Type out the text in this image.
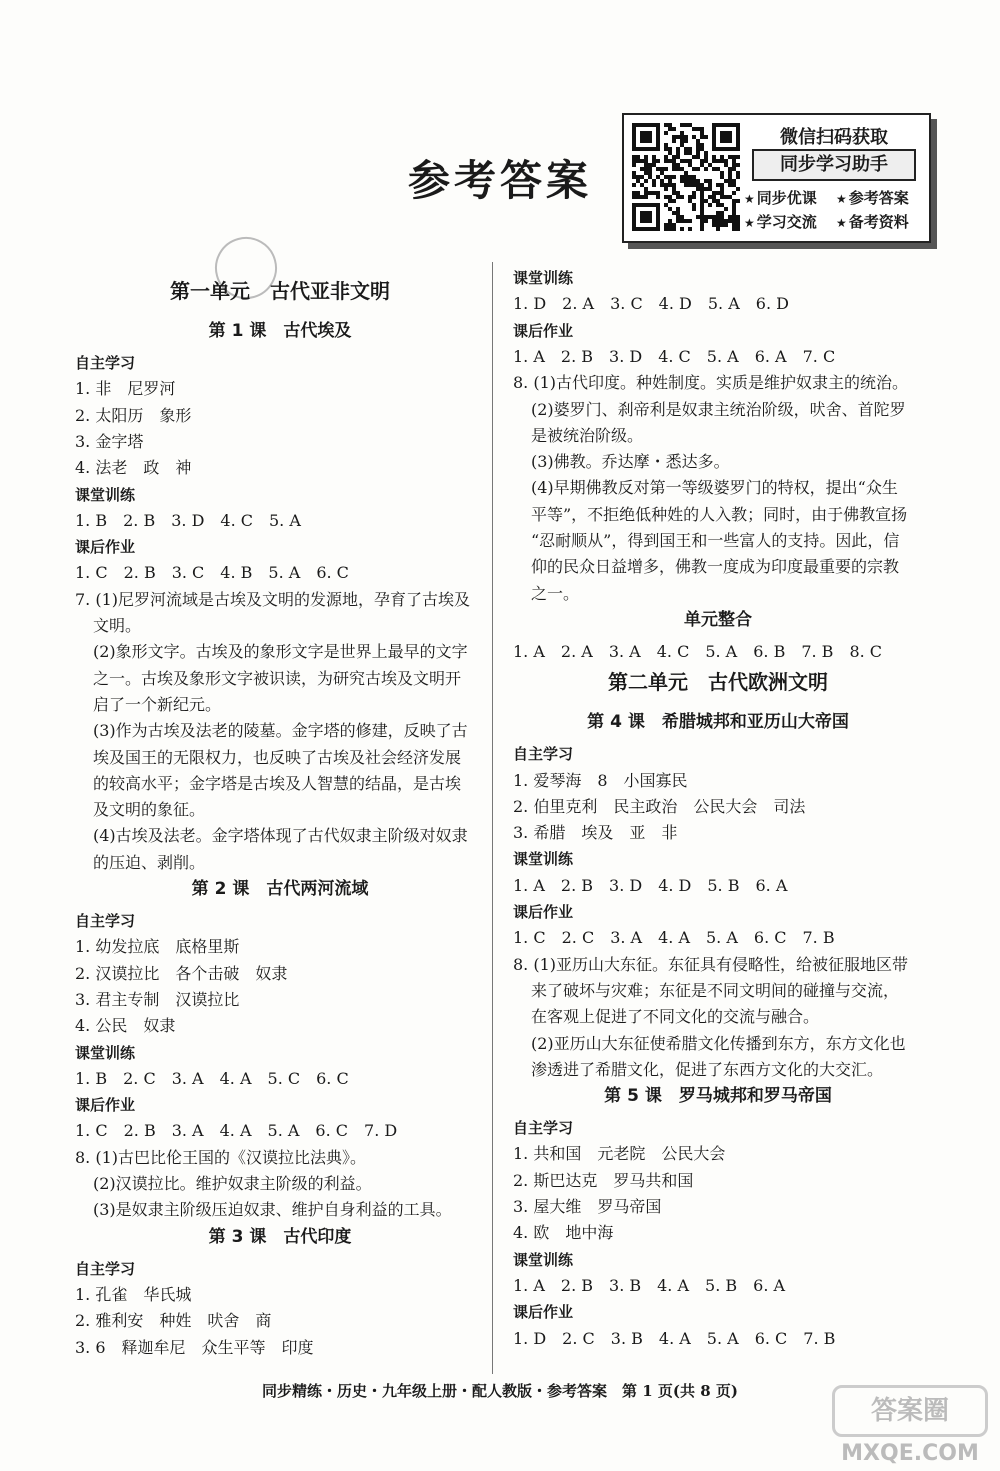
参考答案
微信扫码获取
同步学习助手
★ 同步优课 ★ 参考答案
★ 学习交流 ★ 备考资料
第一单元　古代亚非文明
第 1 课　古代埃及
自主学习
1. 非　尼罗河
2. 太阳历　象形
3. 金字塔
4. 法老　政　神
课堂训练
1. B　2. B　3. D　4. C　5. A
课后作业
1. C　2. B　3. C　4. B　5. A　6. C
7. (1)尼罗河流域是古埃及文明的发源地，孕育了古埃及
文明。
(2)象形文字。古埃及的象形文字是世界上最早的文字
之一。古埃及象形文字被识读，为研究古埃及文明开
启了一个新纪元。
(3)作为古埃及法老的陵墓。金字塔的修建，反映了古
埃及国王的无限权力，也反映了古埃及社会经济发展
的较高水平；金字塔是古埃及人智慧的结晶，是古埃
及文明的象征。
(4)古埃及法老。金字塔体现了古代奴隶主阶级对奴隶
的压迫、剥削。
第 2 课　古代两河流域
自主学习
1. 幼发拉底　底格里斯
2. 汉谟拉比　各个击破　奴隶
3. 君主专制　汉谟拉比
4. 公民　奴隶
课堂训练
1. B　2. C　3. A　4. A　5. C　6. C
课后作业
1. C　2. B　3. A　4. A　5. A　6. C　7. D
8. (1)古巴比伦王国的《汉谟拉比法典》。
(2)汉谟拉比。维护奴隶主阶级的利益。
(3)是奴隶主阶级压迫奴隶、维护自身利益的工具。
第 3 课　古代印度
自主学习
1. 孔雀　华氏城
2. 雅利安　种姓　吠舍　商
3. 6　释迦牟尼　众生平等　印度
课堂训练
1. D　2. A　3. C　4. D　5. A　6. D
课后作业
1. A　2. B　3. D　4. C　5. A　6. A　7. C
8. (1)古代印度。种姓制度。实质是维护奴隶主的统治。
(2)婆罗门、刹帝利是奴隶主统治阶级，吠舍、首陀罗
是被统治阶级。
(3)佛教。乔达摩・悉达多。
(4)早期佛教反对第一等级婆罗门的特权，提出“众生
平等”，不拒绝低种姓的人入教；同时，由于佛教宣扬
“忍耐顺从”，得到国王和一些富人的支持。因此，信
仰的民众日益增多，佛教一度成为印度最重要的宗教
之一。
单元整合
1. A　2. A　3. A　4. C　5. A　6. B　7. B　8. C
第二单元　古代欧洲文明
第 4 课　希腊城邦和亚历山大帝国
自主学习
1. 爱琴海　8　小国寡民
2. 伯里克利　民主政治　公民大会　司法
3. 希腊　埃及　亚　非
课堂训练
1. A　2. B　3. D　4. D　5. B　6. A
课后作业
1. C　2. C　3. A　4. A　5. A　6. C　7. B
8. (1)亚历山大东征。东征具有侵略性，给被征服地区带
来了破坏与灾难；东征是不同文明间的碰撞与交流，
在客观上促进了不同文化的交流与融合。
(2)亚历山大东征使希腊文化传播到东方，东方文化也
渗透进了希腊文化，促进了东西方文化的大交汇。
第 5 课　罗马城邦和罗马帝国
自主学习
1. 共和国　元老院　公民大会
2. 斯巴达克　罗马共和国
3. 屋大维　罗马帝国
4. 欧　地中海
课堂训练
1. A　2. B　3. B　4. A　5. B　6. A
课后作业
1. D　2. C　3. B　4. A　5. A　6. C　7. B
同步精练・历史・九年级上册・配人教版・参考答案　第 1 页(共 8 页)
答案圈
MXQE.COM
